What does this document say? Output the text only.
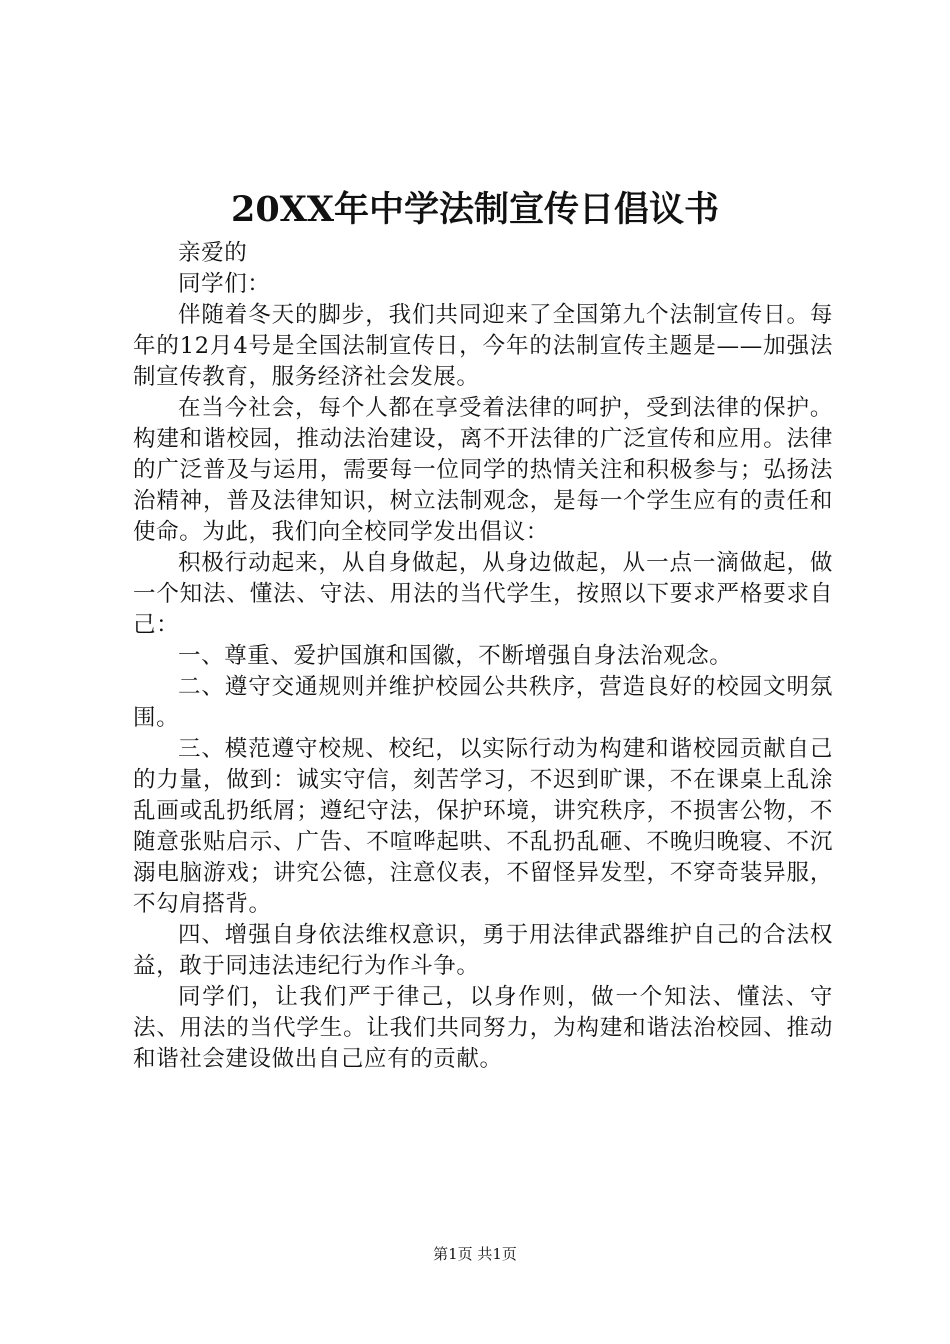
20XX年中学法制宣传日倡议书

亲爱的

同学们：

伴随着冬天的脚步，我们共同迎来了全国第九个法制宣传日。每年的12月4号是全国法制宣传日，今年的法制宣传主题是——加强法制宣传教育，服务经济社会发展。

在当今社会，每个人都在享受着法律的呵护，受到法律的保护。构建和谐校园，推动法治建设，离不开法律的广泛宣传和应用。法律的广泛普及与运用，需要每一位同学的热情关注和积极参与；弘扬法治精神，普及法律知识，树立法制观念，是每一个学生应有的责任和使命。为此，我们向全校同学发出倡议：

积极行动起来，从自身做起，从身边做起，从一点一滴做起，做一个知法、懂法、守法、用法的当代学生，按照以下要求严格要求自己：

一、尊重、爱护国旗和国徽，不断增强自身法治观念。

二、遵守交通规则并维护校园公共秩序，营造良好的校园文明氛围。

三、模范遵守校规、校纪，以实际行动为构建和谐校园贡献自己的力量，做到：诚实守信，刻苦学习，不迟到旷课，不在课桌上乱涂乱画或乱扔纸屑；遵纪守法，保护环境，讲究秩序，不损害公物，不随意张贴启示、广告、不喧哗起哄、不乱扔乱砸、不晚归晚寝、不沉溺电脑游戏；讲究公德，注意仪表，不留怪异发型，不穿奇装异服，不勾肩搭背。

四、增强自身依法维权意识，勇于用法律武器维护自己的合法权益，敢于同违法违纪行为作斗争。

同学们，让我们严于律己，以身作则，做一个知法、懂法、守法、用法的当代学生。让我们共同努力，为构建和谐法治校园、推动和谐社会建设做出自己应有的贡献。

第1页 共1页
